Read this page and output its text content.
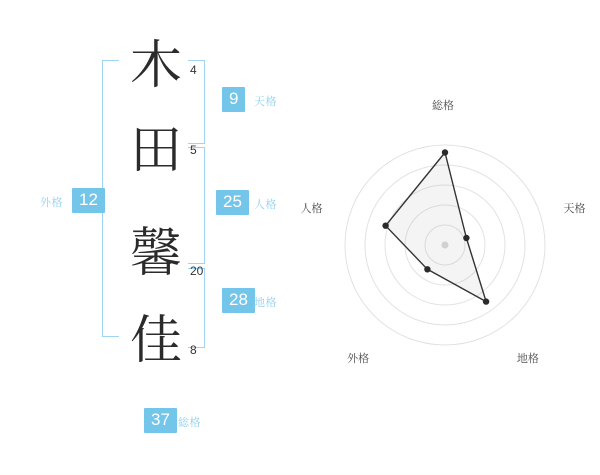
木
田
馨
佳
4
5
20
8
9	天格
25	人格
28 地格
12
外格
37 総格
総格
天格
地格
外格
人格
